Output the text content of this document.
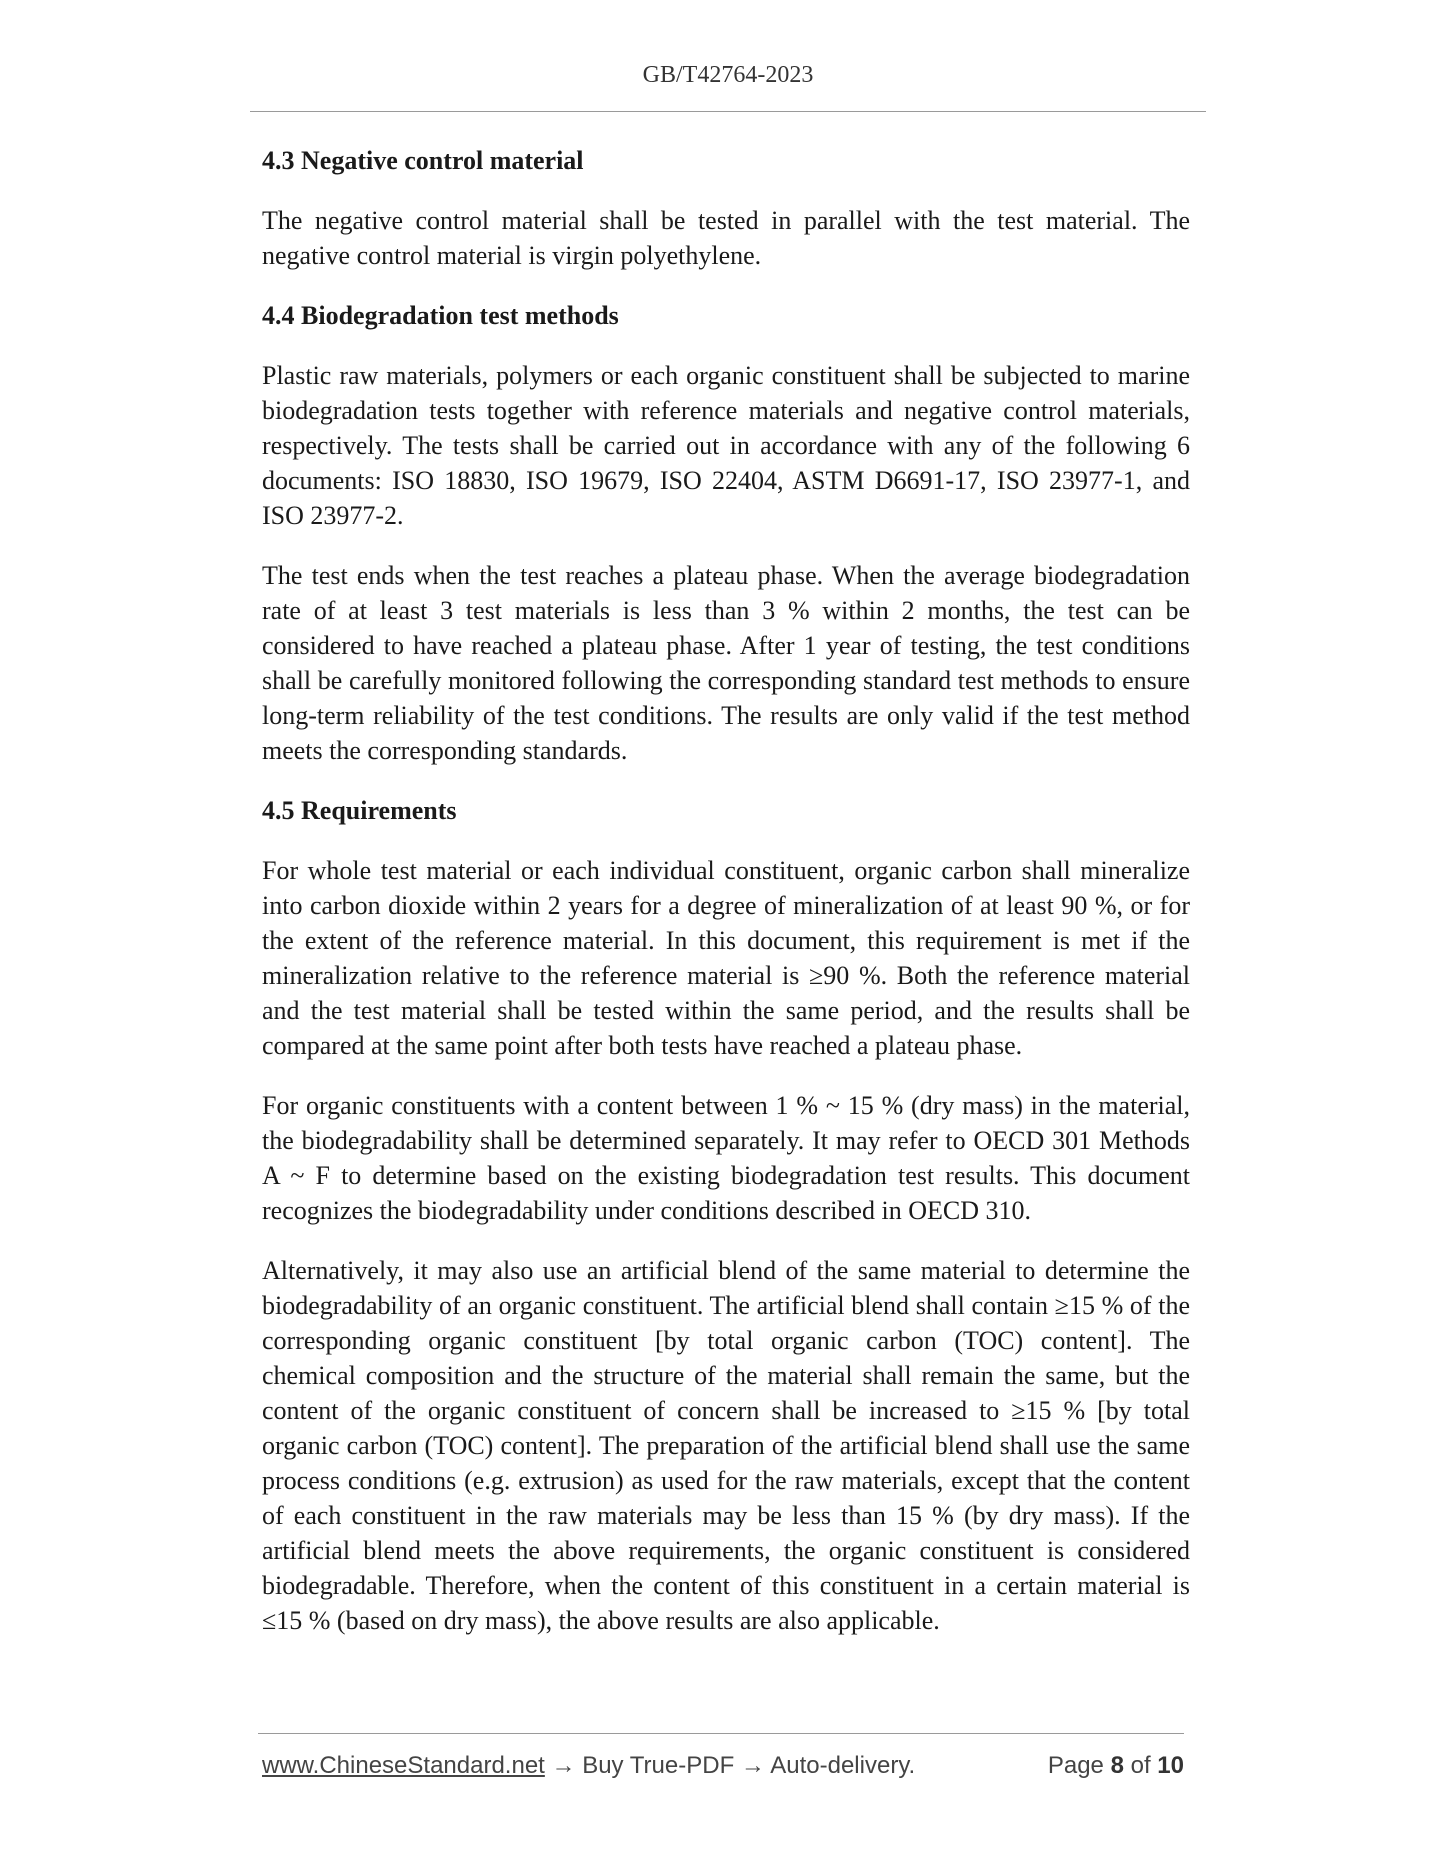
GB/T42764-2023
4.3 Negative control material

The negative control material shall be tested in parallel with the test material. The negative control material is virgin polyethylene.

4.4 Biodegradation test methods

Plastic raw materials, polymers or each organic constituent shall be subjected to marine biodegradation tests together with reference materials and negative control materials, respectively. The tests shall be carried out in accordance with any of the following 6 documents: ISO 18830, ISO 19679, ISO 22404, ASTM D6691-17, ISO 23977-1, and ISO 23977-2.

The test ends when the test reaches a plateau phase. When the average biodegradation rate of at least 3 test materials is less than 3 % within 2 months, the test can be considered to have reached a plateau phase. After 1 year of testing, the test conditions shall be carefully monitored following the corresponding standard test methods to ensure long-term reliability of the test conditions. The results are only valid if the test method meets the corresponding standards.

4.5 Requirements

For whole test material or each individual constituent, organic carbon shall mineralize into carbon dioxide within 2 years for a degree of mineralization of at least 90 %, or for the extent of the reference material. In this document, this requirement is met if the mineralization relative to the reference material is ≥90 %. Both the reference material and the test material shall be tested within the same period, and the results shall be compared at the same point after both tests have reached a plateau phase.

For organic constituents with a content between 1 % ~ 15 % (dry mass) in the material, the biodegradability shall be determined separately. It may refer to OECD 301 Methods A ~ F to determine based on the existing biodegradation test results. This document recognizes the biodegradability under conditions described in OECD 310.

Alternatively, it may also use an artificial blend of the same material to determine the biodegradability of an organic constituent. The artificial blend shall contain ≥15 % of the corresponding organic constituent [by total organic carbon (TOC) content]. The chemical composition and the structure of the material shall remain the same, but the content of the organic constituent of concern shall be increased to ≥15 % [by total organic carbon (TOC) content]. The preparation of the artificial blend shall use the same process conditions (e.g. extrusion) as used for the raw materials, except that the content of each constituent in the raw materials may be less than 15 % (by dry mass). If the artificial blend meets the above requirements, the organic constituent is considered biodegradable. Therefore, when the content of this constituent in a certain material is ≤15 % (based on dry mass), the above results are also applicable.

www.ChineseStandard.net → Buy True-PDF → Auto-delivery.	Page 8 of 10
